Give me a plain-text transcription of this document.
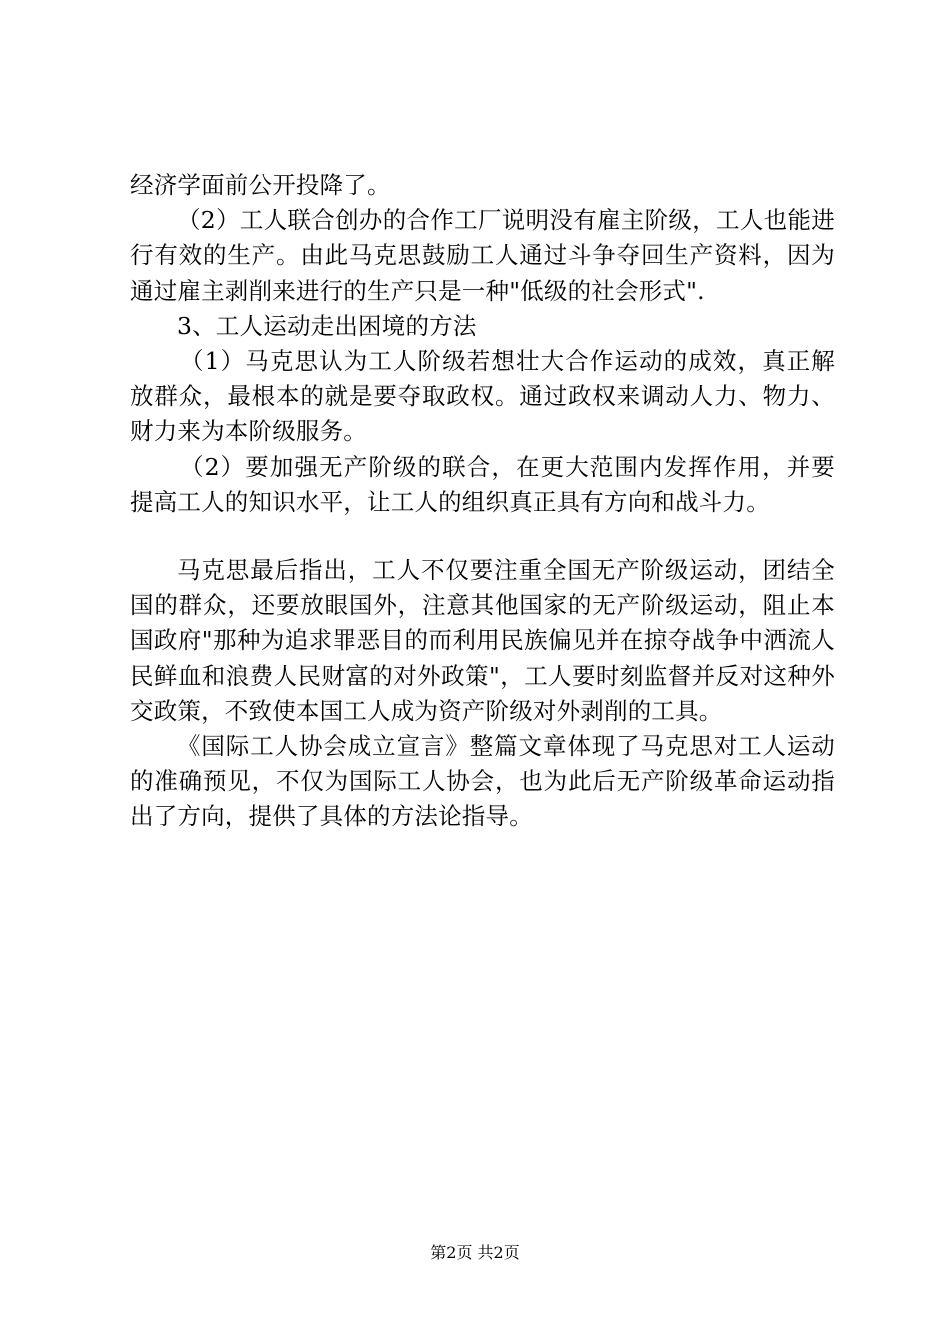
经济学面前公开投降了。

（2）工人联合创办的合作工厂说明没有雇主阶级，工人也能进行有效的生产。由此马克思鼓励工人通过斗争夺回生产资料，因为通过雇主剥削来进行的生产只是一种"低级的社会形式".

3、工人运动走出困境的方法

（1）马克思认为工人阶级若想壮大合作运动的成效，真正解放群众，最根本的就是要夺取政权。通过政权来调动人力、物力、财力来为本阶级服务。

（2）要加强无产阶级的联合，在更大范围内发挥作用，并要提高工人的知识水平，让工人的组织真正具有方向和战斗力。

马克思最后指出，工人不仅要注重全国无产阶级运动，团结全国的群众，还要放眼国外，注意其他国家的无产阶级运动，阻止本国政府"那种为追求罪恶目的而利用民族偏见并在掠夺战争中洒流人民鲜血和浪费人民财富的对外政策"，工人要时刻监督并反对这种外交政策，不致使本国工人成为资产阶级对外剥削的工具。

《国际工人协会成立宣言》整篇文章体现了马克思对工人运动的准确预见，不仅为国际工人协会，也为此后无产阶级革命运动指出了方向，提供了具体的方法论指导。

第2页 共2页
